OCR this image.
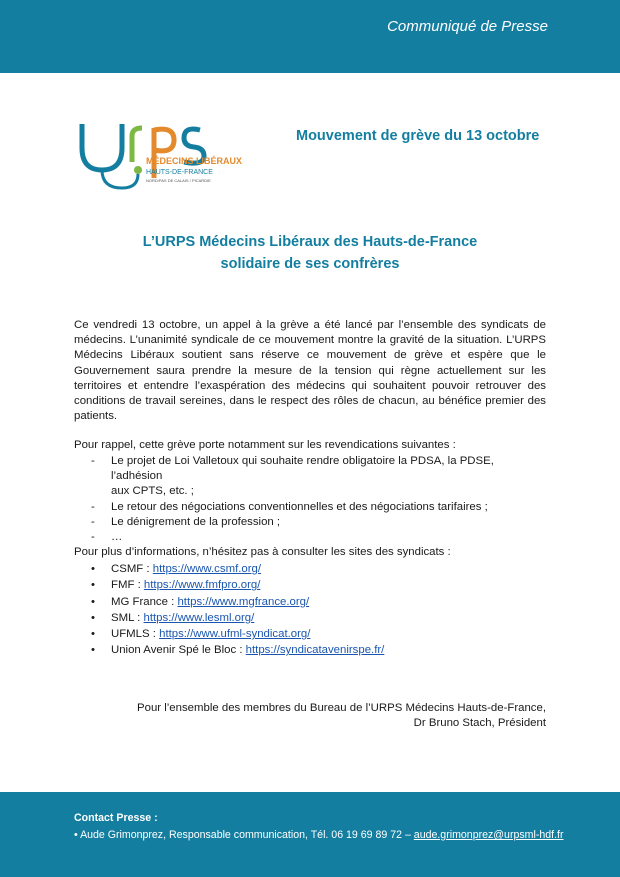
Communiqué de Presse
MÉDECINS LIBÉRAUX
HAUTS-DE-FRANCE
NORD/PAS DE CALAIS / PICARDIE
Mouvement de grève du 13 octobre
L’URPS Médecins Libéraux des Hauts-de-France
solidaire de ses confrères
Ce vendredi 13 octobre, un appel à la grève a été lancé par l’ensemble des syndicats de médecins. L’unanimité syndicale de ce mouvement montre la gravité de la situation. L’URPS Médecins Libéraux soutient sans réserve ce mouvement de grève et espère que le Gouvernement saura prendre la mesure de la tension qui règne actuellement sur les territoires et entendre l’exaspération des médecins qui souhaitent pouvoir retrouver des conditions de travail sereines, dans le respect des rôles de chacun, au bénéfice premier des patients.
Pour rappel, cette grève porte notamment sur les revendications suivantes :
- Le projet de Loi Valletoux qui souhaite rendre obligatoire la PDSA, la PDSE, l’adhésion
aux CPTS, etc. ;
- Le retour des négociations conventionnelles et des négociations tarifaires ;
- Le dénigrement de la profession ;
- …
Pour plus d’informations, n’hésitez pas à consulter les sites des syndicats :
• CSMF : https://www.csmf.org/
• FMF : https://www.fmfpro.org/
• MG France : https://www.mgfrance.org/
• SML : https://www.lesml.org/
• UFMLS : https://www.ufml-syndicat.org/
• Union Avenir Spé le Bloc : https://syndicatavenirspe.fr/
Pour l’ensemble des membres du Bureau de l’URPS Médecins Hauts-de-France,
Dr Bruno Stach, Président
Contact Presse :
• Aude Grimonprez, Responsable communication, Tél. 06 19 69 89 72 – aude.grimonprez@urpsml-hdf.fr
